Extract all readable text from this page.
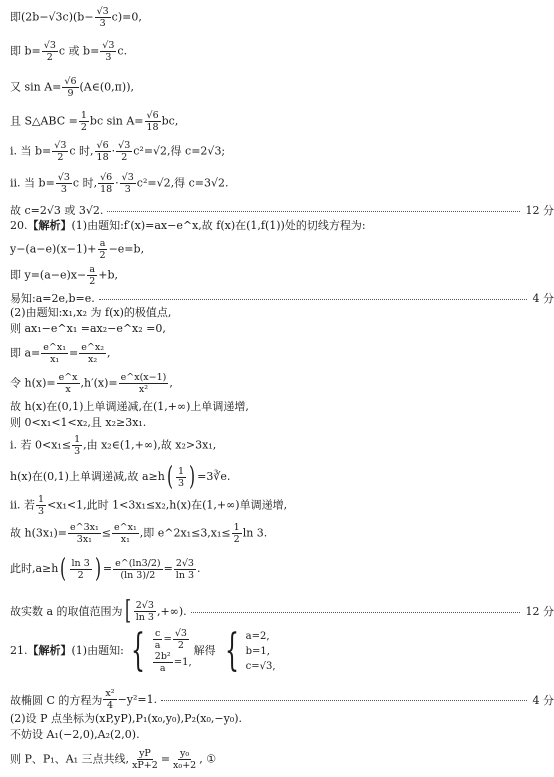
即$(2b-√3c)(b- \frac{√3}{3} c)=0$,
即 $b= \frac{√3}{2}$ c 或 $b= \frac{√3}{3} c$.
又 $\sin A= \frac{√6}{9}$ (A∈(0,π)),
且 S△ABC = $\frac{1}{2}$ bc $\sin A= \frac{√6}{18}$ bc,
ⅰ. 当 $b= \frac{√3}{2}$ c 时, $\frac{√6}{18} \cdot \frac{√3}{2} c^2=√2$,得 c=2√3;
ⅱ. 当 $b= \frac{√3}{3}$ c 时, $\frac{√6}{18} \cdot \frac{√3}{3} c^2=√2$,得 c=3√2.
故 c=2√3 或 3√2.	12 分
20.【解析】(1)由题知:f′(x)=ax−e^x,故 f(x)在(1,f(1))处的切线方程为:
$y-(a-e)(x-1)+ \frac{a}{2} -e=b$,
即 $y=(a-e)x- \frac{a}{2} +b$,
易知:a=2e,b=e.	4 分
(2)由题知:x₁,x₂ 为 f(x)的极值点,
则 ax₁−e^x₁ =ax₂−e^x₂ =0,
即 $a= \frac{\text{e\textasciicircum{}x₁}}{\text{x₁}} = \frac{\text{e\textasciicircum{}x₂}}{\text{x₂}}$ ,
令 $h(x)= \frac{e\^{}x}{x} ,h'(x)= \frac{e\^{}x(x-1)}{\text{x²}}$ ,
故 h(x)在(0,1)上单调递减,在(1,+∞)上单调递增,
则 0<x₁<1<x₂,且 x₂≥3x₁.
ⅰ. 若 $0<x_1\le \frac{1}{3}$ ,由 x₂∈(1,+∞),故 x₂>3x₁,
h(x)在(0,1)上单调递减,故 $a\ge h( \frac{1}{3}$ ) =3∛e.
ⅱ. 若 $\frac{1}{3} <x_1<1$,此时 1<3x₁≤x₂,h(x)在(1,+∞)单调递增,
故 $h(3x_1)= \frac{\text{e\textasciicircum{}3x₁}}{\text{3x₁}} \le \frac{\text{e\textasciicircum{}x₁}}{\text{x₁}}$ ,即 e^2x₁≤3,x₁≤ $\frac{1}{2}$ ln 3.
此时$,a\ge h( \frac{\ln 3}{2}$ ) = $\frac{e\^{}(\ln 3/2)}{(\ln 3)/2} = \frac{2√3}{\ln 3}$ .
故实数 a 的取值范围为 [ $\frac{2√3}{\ln 3}$ ,+∞).	12 分
21.【解析】(1)由题知: { $\frac{c}{a} = \frac{√3}{2}$
$\frac{\text{2b²}}{a} =1$,
解得 { a=2,
b=1,
c=√3,
故椭圆 C 的方程为 $\frac{\text{x²}}{4} -y^2=1$.	4 分
(2)设 P 点坐标为(xP,yP),P₁(x₀,y₀),P₂(x₀,−y₀).
不妨设 A₁(−2,0),A₂(2,0).
则 P、P₁、A₁ 三点共线, $\frac{yP}{xP+2} = \frac{\text{y₀}}{\text{x₀+2}}$ , ①
